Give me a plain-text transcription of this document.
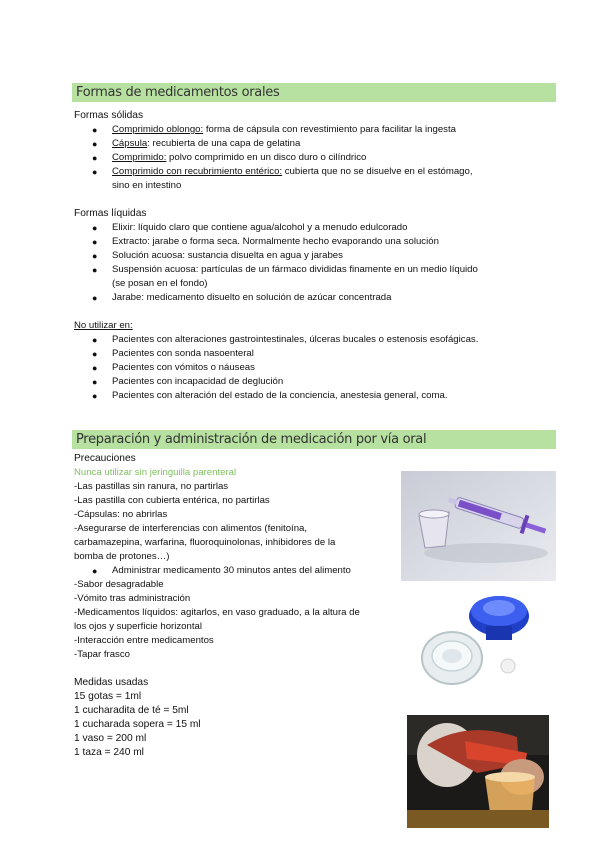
Formas de medicamentos orales
Formas sólidas
● Comprimido oblongo: forma de cápsula con revestimiento para facilitar la ingesta
● Cápsula: recubierta de una capa de gelatina
● Comprimido: polvo comprimido en un disco duro o cilíndrico
● Comprimido con recubrimiento entérico: cubierta que no se disuelve en el estómago,
sino en intestino
Formas líquidas
● Elixir: líquido claro que contiene agua/alcohol y a menudo edulcorado
● Extracto: jarabe o forma seca. Normalmente hecho evaporando una solución
● Solución acuosa: sustancia disuelta en agua y jarabes
● Suspensión acuosa: partículas de un fármaco divididas finamente en un medio líquido
(se posan en el fondo)
● Jarabe: medicamento disuelto en solución de azúcar concentrada
No utilizar en:
● Pacientes con alteraciones gastrointestinales, úlceras bucales o estenosis esofágicas.
● Pacientes con sonda nasoenteral
● Pacientes con vómitos o náuseas
● Pacientes con incapacidad de deglución
● Pacientes con alteración del estado de la conciencia, anestesia general, coma.
Preparación y administración de medicación por vía oral
Precauciones
Nunca utilizar sin jeringuilla parenteral
-Las pastillas sin ranura, no partirlas
-Las pastilla con cubierta entérica, no partirlas
-Cápsulas: no abrirlas
-Asegurarse de interferencias con alimentos (fenitoína,
carbamazepina, warfarina, fluoroquinolonas, inhibidores de la
bomba de protones…)
● Administrar medicamento 30 minutos antes del alimento
-Sabor desagradable
-Vómito tras administración
-Medicamentos líquidos: agitarlos, en vaso graduado, a la altura de
los ojos y superficie horizontal
-Interacción entre medicamentos
-Tapar frasco
Medidas usadas
15 gotas = 1ml
1 cucharadita de té = 5ml
1 cucharada sopera = 15 ml
1 vaso = 200 ml
1 taza = 240 ml
